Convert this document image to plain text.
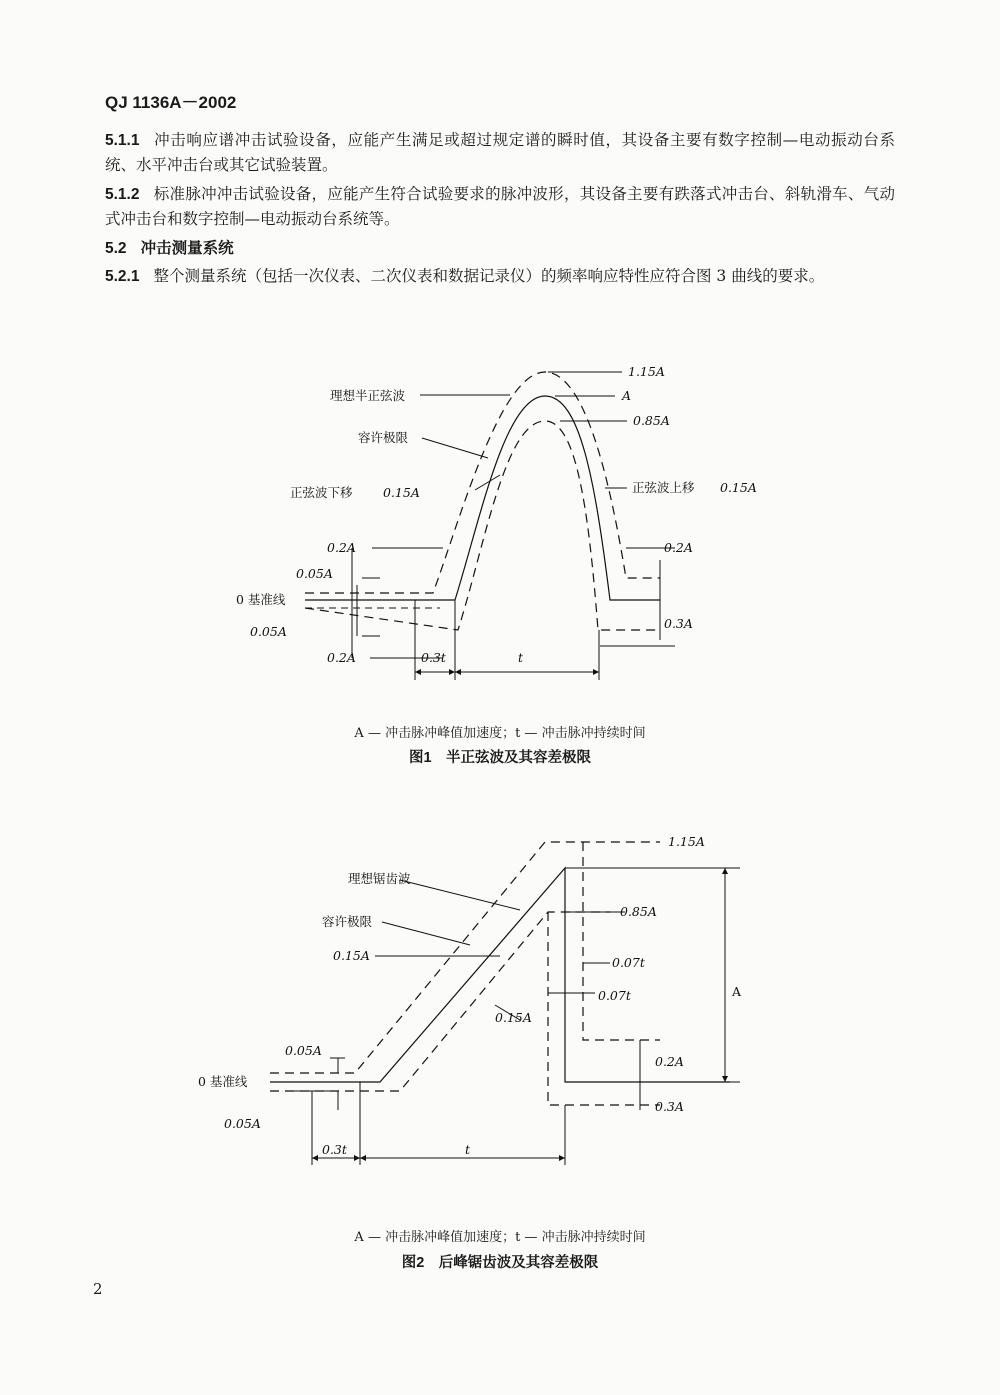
QJ 1136A－2002
5.1.1 冲击响应谱冲击试验设备，应能产生满足或超过规定谱的瞬时值，其设备主要有数字控制—电动振动台系统、水平冲击台或其它试验装置。
5.1.2 标准脉冲冲击试验设备，应能产生符合试验要求的脉冲波形，其设备主要有跌落式冲击台、斜轨滑车、气动式冲击台和数字控制—电动振动台系统等。
5.2 冲击测量系统
5.2.1 整个测量系统（包括一次仪表、二次仪表和数据记录仪）的频率响应特性应符合图 3 曲线的要求。
理想半正弦波
容许极限
正弦波下移 0.15A
1.15A
A
0.85A
正弦波上移 0.15A
0.2A
0.05A
0 基准线
0.05A
0.2A	0.3t	t
0.2A
0.3A
A — 冲击脉冲峰值加速度；t — 冲击脉冲持续时间
图1　半正弦波及其容差极限
1.15A
理想锯齿波
容许极限
0.85A
0.15A	0.07t
0.07t
0.15A
A
0.05A
0 基准线
0.05A
0.2A
0.3A
0.3t	t
A — 冲击脉冲峰值加速度；t — 冲击脉冲持续时间
图2　后峰锯齿波及其容差极限
2
